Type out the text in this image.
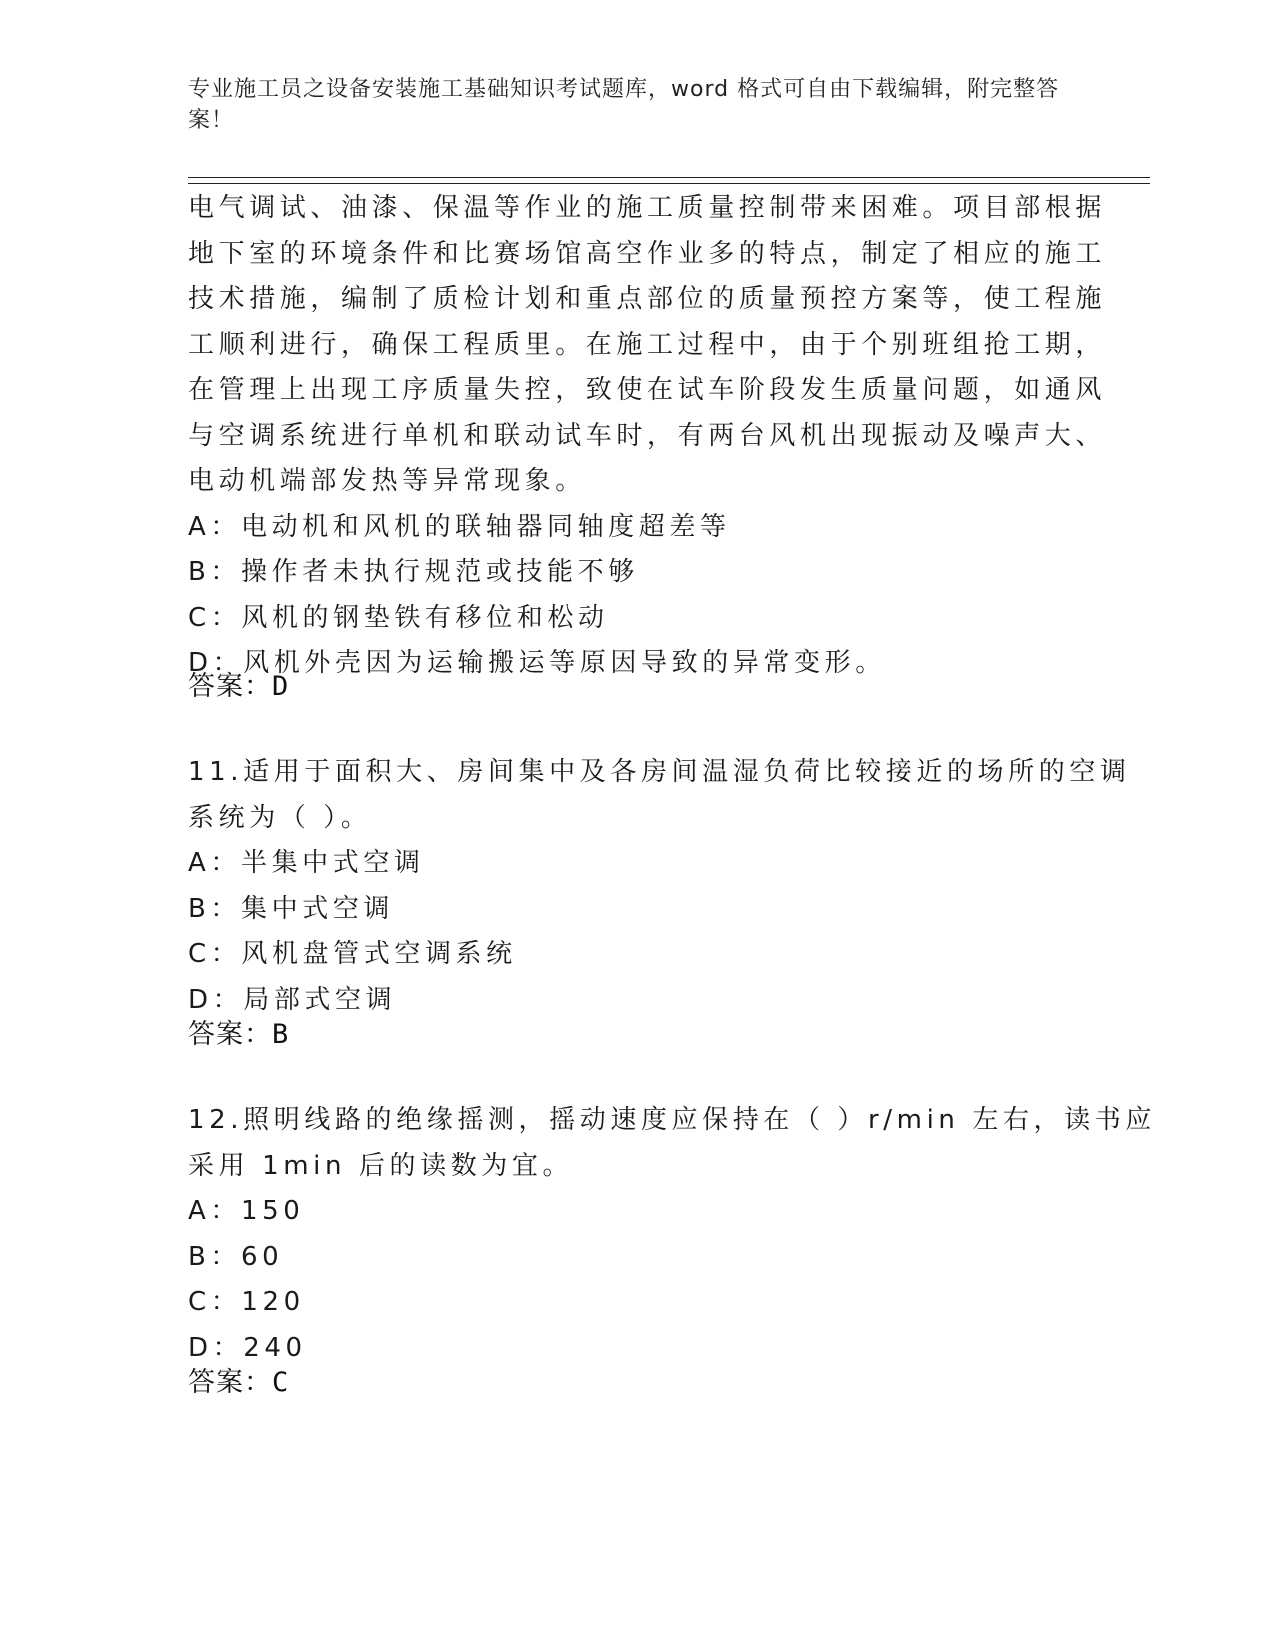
专业施工员之设备安装施工基础知识考试题库，word 格式可自由下载编辑，附完整答案！
电气调试、油漆、保温等作业的施工质量控制带来困难。项目部根据
地下室的环境条件和比赛场馆高空作业多的特点，制定了相应的施工
技术措施，编制了质检计划和重点部位的质量预控方案等，使工程施
工顺利进行，确保工程质里。在施工过程中，由于个别班组抢工期，
在管理上出现工序质量失控，致使在试车阶段发生质量问题，如通风
与空调系统进行单机和联动试车时，有两台风机出现振动及噪声大、
电动机端部发热等异常现象。
A：电动机和风机的联轴器同轴度超差等
B：操作者未执行规范或技能不够
C：风机的钢垫铁有移位和松动
D：风机外壳因为运输搬运等原因导致的异常变形。
答案：D
11.适用于面积大、房间集中及各房间温湿负荷比较接近的场所的空调
系统为（ ）。
A：半集中式空调
B：集中式空调
C：风机盘管式空调系统
D：局部式空调
答案：B
12.照明线路的绝缘摇测，摇动速度应保持在（ ）r/min 左右，读书应
采用 1min 后的读数为宜。
A：150
B：60
C：120
D：240
答案：C
